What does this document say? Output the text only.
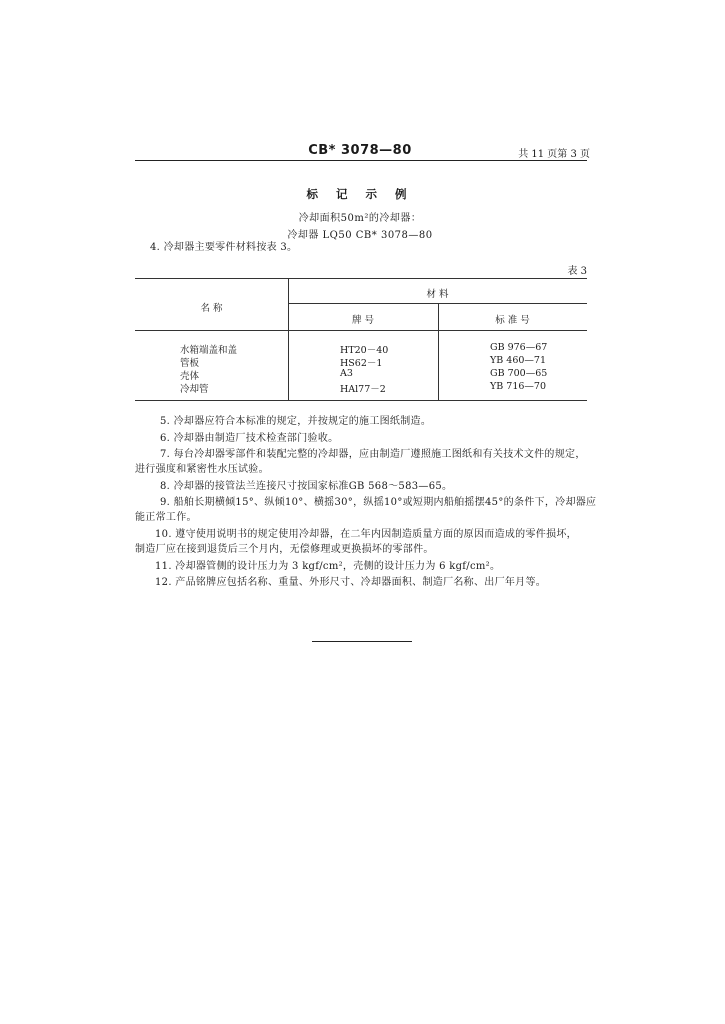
CB* 3078—80	共 11 页第 3 页
标 记 示 例
冷却面积50m²的冷却器：
冷却器 LQ50 CB* 3078—80
4. 冷却器主要零件材料按表 3。
表 3
名 称
材 料
牌 号	标 准 号
水箱端盖和盖	HT20－40	GB 976—67
管板	HS62－1	YB 460—71
壳体	A3	GB 700—65
冷却管	HAl77－2	YB 716—70
5. 冷却器应符合本标准的规定，并按规定的施工图纸制造。
6. 冷却器由制造厂技术检查部门验收。
7. 每台冷却器零部件和装配完整的冷却器，应由制造厂遵照施工图纸和有关技术文件的规定，
进行强度和紧密性水压试验。
8. 冷却器的接管法兰连接尺寸按国家标准GB 568～583—65。
9. 船舶长期横倾15°、纵倾10°、横摇30°，纵摇10°或短期内船舶摇摆45°的条件下，冷却器应
能正常工作。
10. 遵守使用说明书的规定使用冷却器，在二年内因制造质量方面的原因而造成的零件损坏，
制造厂应在接到退货后三个月内，无偿修理或更换损坏的零部件。
11. 冷却器管侧的设计压力为 3 kgf/cm²，壳侧的设计压力为 6 kgf/cm²。
12. 产品铭牌应包括名称、重量、外形尺寸、冷却器面积、制造厂名称、出厂年月等。
